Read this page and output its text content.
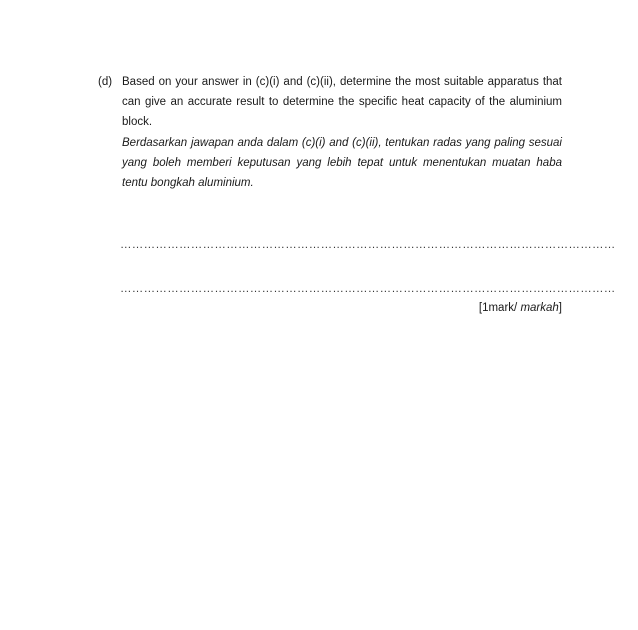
(d) Based on your answer in (c)(i) and (c)(ii), determine the most suitable apparatus that can give an accurate result to determine the specific heat capacity of the aluminium block.

Berdasarkan jawapan anda dalam (c)(i) and (c)(ii), tentukan radas yang paling sesuai yang boleh memberi keputusan yang lebih tepat untuk menentukan muatan haba tentu bongkah aluminium.

………………………………………………………………………………………………………………
………………………………………………………………………………………………………………
[1mark/ markah]
